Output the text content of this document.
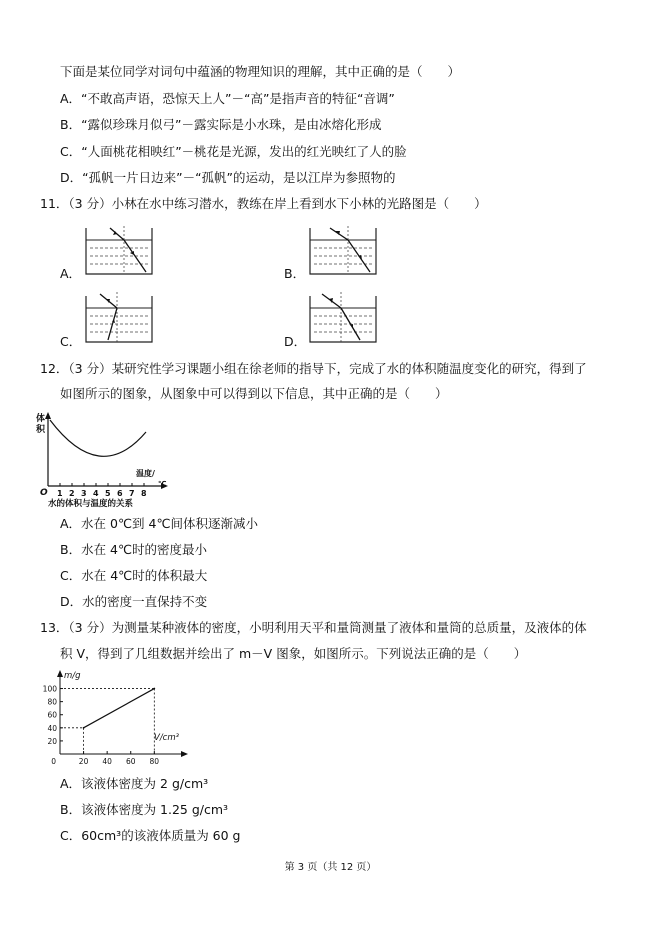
下面是某位同学对词句中蕴涵的物理知识的理解，其中正确的是（　　）
A．“不敢高声语，恐惊天上人”－“高”是指声音的特征“音调”
B．“露似珍珠月似弓”－露实际是小水珠，是由冰熔化形成
C．“人面桃花相映红”－桃花是光源，发出的红光映红了人的脸
D．“孤帆一片日边来”－“孤帆”的运动，是以江岸为参照物的
11．（3 分）小林在水中练习潜水，教练在岸上看到水下小林的光路图是（　　）
A．	B．
C．	D．
12．（3 分）某研究性学习课题小组在徐老师的指导下，完成了水的体积随温度变化的研究，得到了
如图所示的图象，从图象中可以得到以下信息，其中正确的是（　　）
体
积
温度/
℃
O 1 2 3 4 5 6 7 8
水的体积与温度的关系
A．水在 0℃到 4℃间体积逐渐减小
B．水在 4℃时的密度最小
C．水在 4℃时的体积最大
D．水的密度一直保持不变
13．（3 分）为测量某种液体的密度，小明利用天平和量筒测量了液体和量筒的总质量，及液体的体
积 V，得到了几组数据并绘出了 m－V 图象，如图所示。下列说法正确的是（　　）
20
40
60
80
100
20 40 60 80
0
m/g
V/cm³
A．该液体密度为 2 g/cm³
B．该液体密度为 1.25 g/cm³
C．60cm³的该液体质量为 60 g
第 3 页（共 12 页）
